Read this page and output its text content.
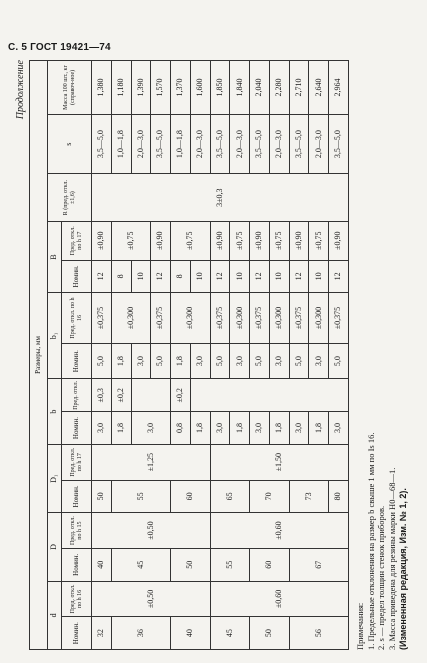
С. 5 ГОСТ 19421—74
Продолжение
Размеры, мм														
d		D		D₁		b		b₁		B		R (пред. откл. ±1,6)	s	Масса 100 шт., кг (справоч-ное)
Номин.	Пред. откл. по h 16	Номин.	Пред. откл. по h 15	Номин.	Пред. откл. по h 17	Номин.	Пред. откл.	Номин.	Пред. откл. по h 16	Номин.	Пред. откл. по h 17			
32	±0,50	40	±0,50	50	±1,25	3,0	±0,3	5,0	±0,375	12	±0,90	3±0,3	3,5—5,0	1,380
36		45		55		1,8	±0,2	1,8	±0,300	8	±0,75		1,0—1,8	1,180
						3,0		3,0		10			2,0—3,0	1,390
								5,0	±0,375	12	±0,90		3,5—5,0	1,570
40		50		60		0,8	±0,2	1,8	±0,300	8	±0,75		1,0—1,8	1,370
						1,8		3,0		10			2,0—3,0	1,600
45	±0,60	55	±0,60	65	±1,50	3,0		5,0	±0,375	12	±0,90		3,5—5,0	1,850
						1,8		3,0	±0,300	10	±0,75		2,0—3,0	1,840
50		60		70		3,0		5,0	±0,375	12	±0,90		3,5—5,0	2,040
						1,8		3,0	±0,300	10	±0,75		2,0—3,0	2,280
56		67		73		3,0		5,0	±0,375	12	±0,90		3,5—5,0	2,710
						1,8		3,0	±0,300	10	±0,75		2,0—3,0	2,640
				80		3,0		5,0	±0,375	12	±0,90		3,5—5,0	2,964
Примечания: 1. Предельные отклонения на размер b свыше 1 мм по Is 16. 2. s — предел толщин стенок приборов. 3. Масса приведена для резины марки Н0—68—1. (Измененная редакция, Изм. № 1, 2).
